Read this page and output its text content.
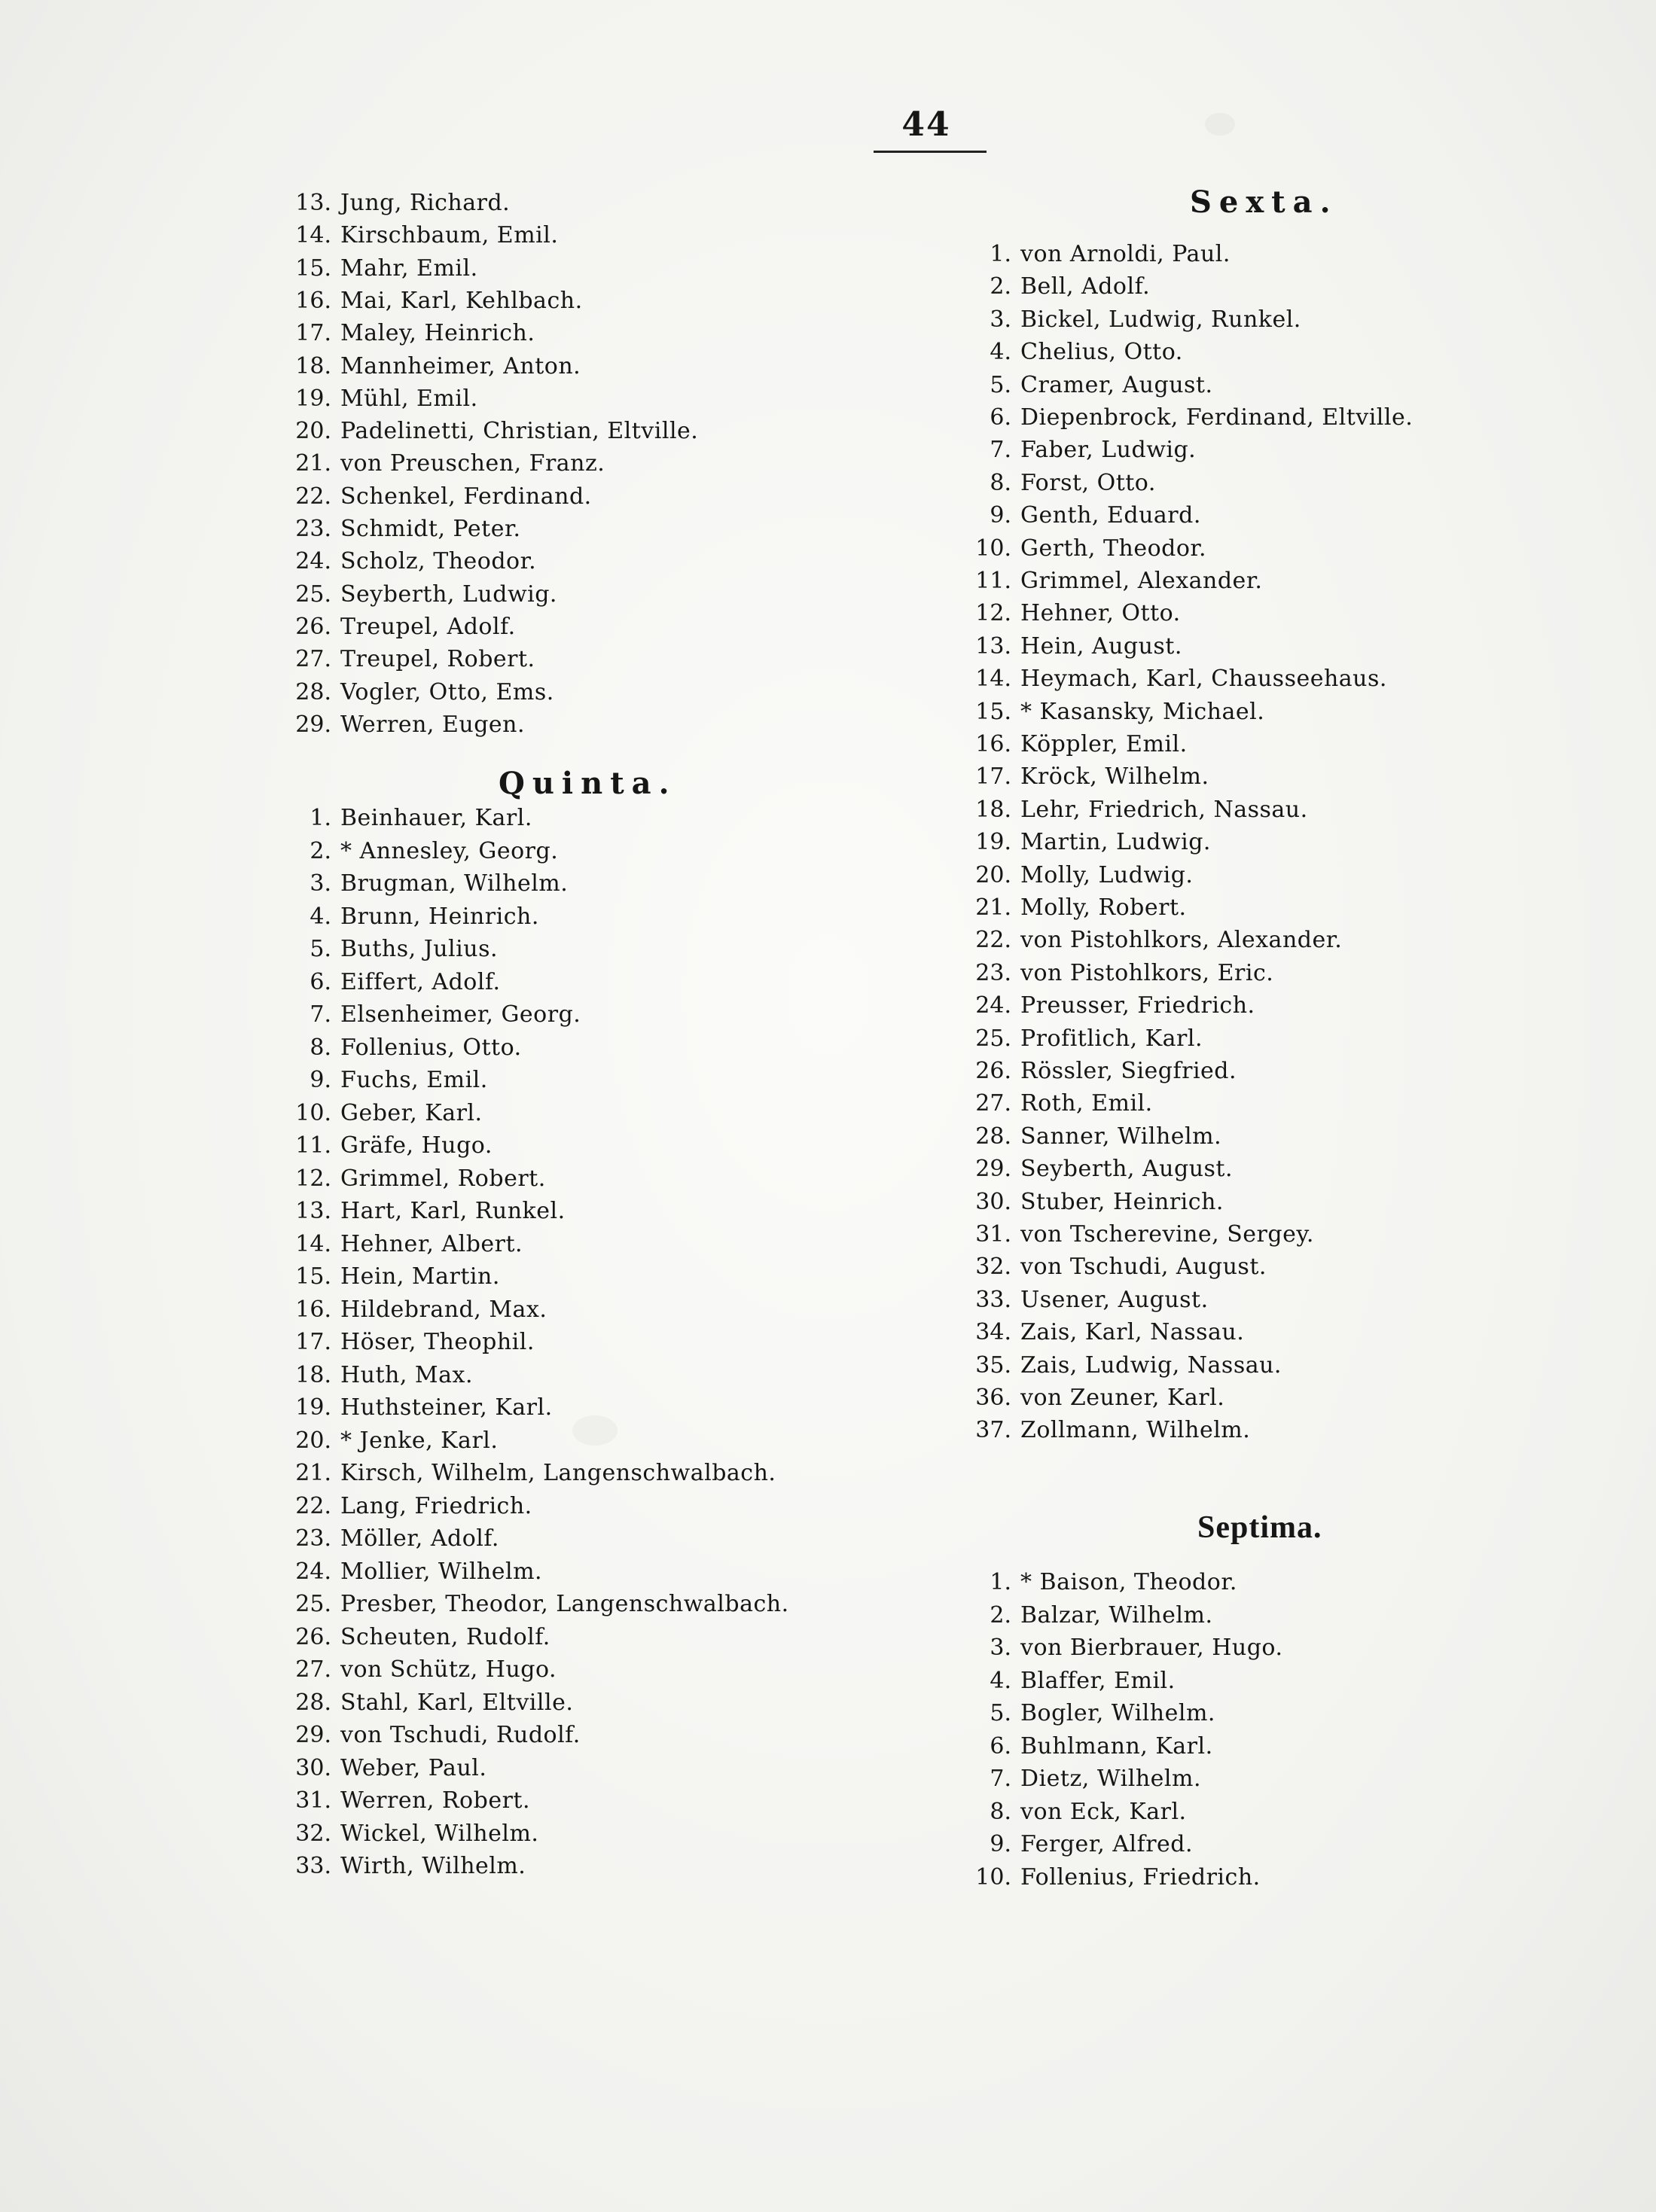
44
13. Jung, Richard.
14. Kirschbaum, Emil.
15. Mahr, Emil.
16. Mai, Karl, Kehlbach.
17. Maley, Heinrich.
18. Mannheimer, Anton.
19. Mühl, Emil.
20. Padelinetti, Christian, Eltville.
21. von Preuschen, Franz.
22. Schenkel, Ferdinand.
23. Schmidt, Peter.
24. Scholz, Theodor.
25. Seyberth, Ludwig.
26. Treupel, Adolf.
27. Treupel, Robert.
28. Vogler, Otto, Ems.
29. Werren, Eugen.
Quinta.
1. Beinhauer, Karl.
2. * Annesley, Georg.
3. Brugman, Wilhelm.
4. Brunn, Heinrich.
5. Buths, Julius.
6. Eiffert, Adolf.
7. Elsenheimer, Georg.
8. Follenius, Otto.
9. Fuchs, Emil.
10. Geber, Karl.
11. Gräfe, Hugo.
12. Grimmel, Robert.
13. Hart, Karl, Runkel.
14. Hehner, Albert.
15. Hein, Martin.
16. Hildebrand, Max.
17. Höser, Theophil.
18. Huth, Max.
19. Huthsteiner, Karl.
20. * Jenke, Karl.
21. Kirsch, Wilhelm, Langenschwalbach.
22. Lang, Friedrich.
23. Möller, Adolf.
24. Mollier, Wilhelm.
25. Presber, Theodor, Langenschwalbach.
26. Scheuten, Rudolf.
27. von Schütz, Hugo.
28. Stahl, Karl, Eltville.
29. von Tschudi, Rudolf.
30. Weber, Paul.
31. Werren, Robert.
32. Wickel, Wilhelm.
33. Wirth, Wilhelm.
Sexta.
1. von Arnoldi, Paul.
2. Bell, Adolf.
3. Bickel, Ludwig, Runkel.
4. Chelius, Otto.
5. Cramer, August.
6. Diepenbrock, Ferdinand, Eltville.
7. Faber, Ludwig.
8. Forst, Otto.
9. Genth, Eduard.
10. Gerth, Theodor.
11. Grimmel, Alexander.
12. Hehner, Otto.
13. Hein, August.
14. Heymach, Karl, Chausseehaus.
15. * Kasansky, Michael.
16. Köppler, Emil.
17. Kröck, Wilhelm.
18. Lehr, Friedrich, Nassau.
19. Martin, Ludwig.
20. Molly, Ludwig.
21. Molly, Robert.
22. von Pistohlkors, Alexander.
23. von Pistohlkors, Eric.
24. Preusser, Friedrich.
25. Profitlich, Karl.
26. Rössler, Siegfried.
27. Roth, Emil.
28. Sanner, Wilhelm.
29. Seyberth, August.
30. Stuber, Heinrich.
31. von Tscherevine, Sergey.
32. von Tschudi, August.
33. Usener, August.
34. Zais, Karl, Nassau.
35. Zais, Ludwig, Nassau.
36. von Zeuner, Karl.
37. Zollmann, Wilhelm.
Septima.
1. * Baison, Theodor.
2. Balzar, Wilhelm.
3. von Bierbrauer, Hugo.
4. Blaffer, Emil.
5. Bogler, Wilhelm.
6. Buhlmann, Karl.
7. Dietz, Wilhelm.
8. von Eck, Karl.
9. Ferger, Alfred.
10. Follenius, Friedrich.
